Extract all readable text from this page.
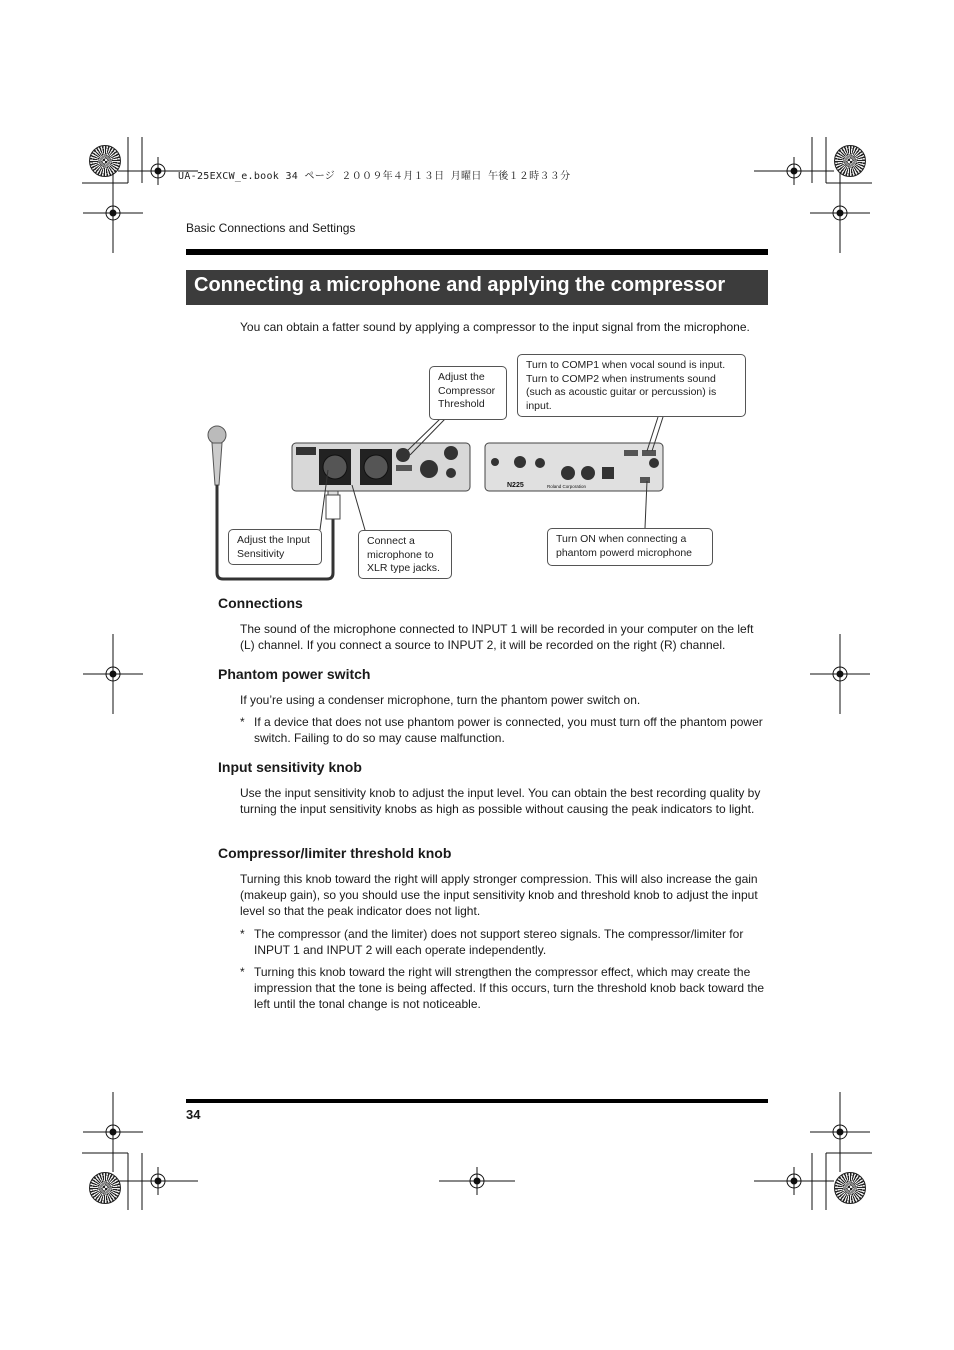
UA-25EXCW_e.book 34 ページ ２００９年４月１３日 月曜日 午後１２時３３分
Basic Connections and Settings
Connecting a microphone and applying the compressor
You can obtain a fatter sound by applying a compressor to the input signal from the microphone.
N225	Roland Corporation
Adjust the
Compressor
Threshold
Turn to COMP1 when vocal sound is input.
Turn to COMP2 when instruments sound
(such as acoustic guitar or percussion) is
input.
Adjust the Input
Sensitivity
Connect a
microphone to
XLR type jacks.
Turn ON when connecting a
phantom powerd microphone
Connections

The sound of the microphone connected to INPUT 1 will be recorded in your computer on the left (L) channel. If you connect a source to INPUT 2, it will be recorded on the right (R) channel.

Phantom power switch

If you’re using a condenser microphone, turn the phantom power switch on.

* If a device that does not use phantom power is connected, you must turn off the phantom power switch. Failing to do so may cause malfunction.
Input sensitivity knob

Use the input sensitivity knob to adjust the input level. You can obtain the best recording quality by turning the input sensitivity knobs as high as possible without causing the peak indicators to light.

Compressor/limiter threshold knob

Turning this knob toward the right will apply stronger compression. This will also increase the gain (makeup gain), so you should use the input sensitivity knob and threshold knob to adjust the input level so that the peak indicator does not light.

* The compressor (and the limiter) does not support stereo signals. The compressor/limiter for INPUT 1 and INPUT 2 will each operate independently.
* Turning this knob toward the right will strengthen the compressor effect, which may create the impression that the tone is being affected. If this occurs, turn the threshold knob back toward the left until the tonal change is not noticeable.
34
